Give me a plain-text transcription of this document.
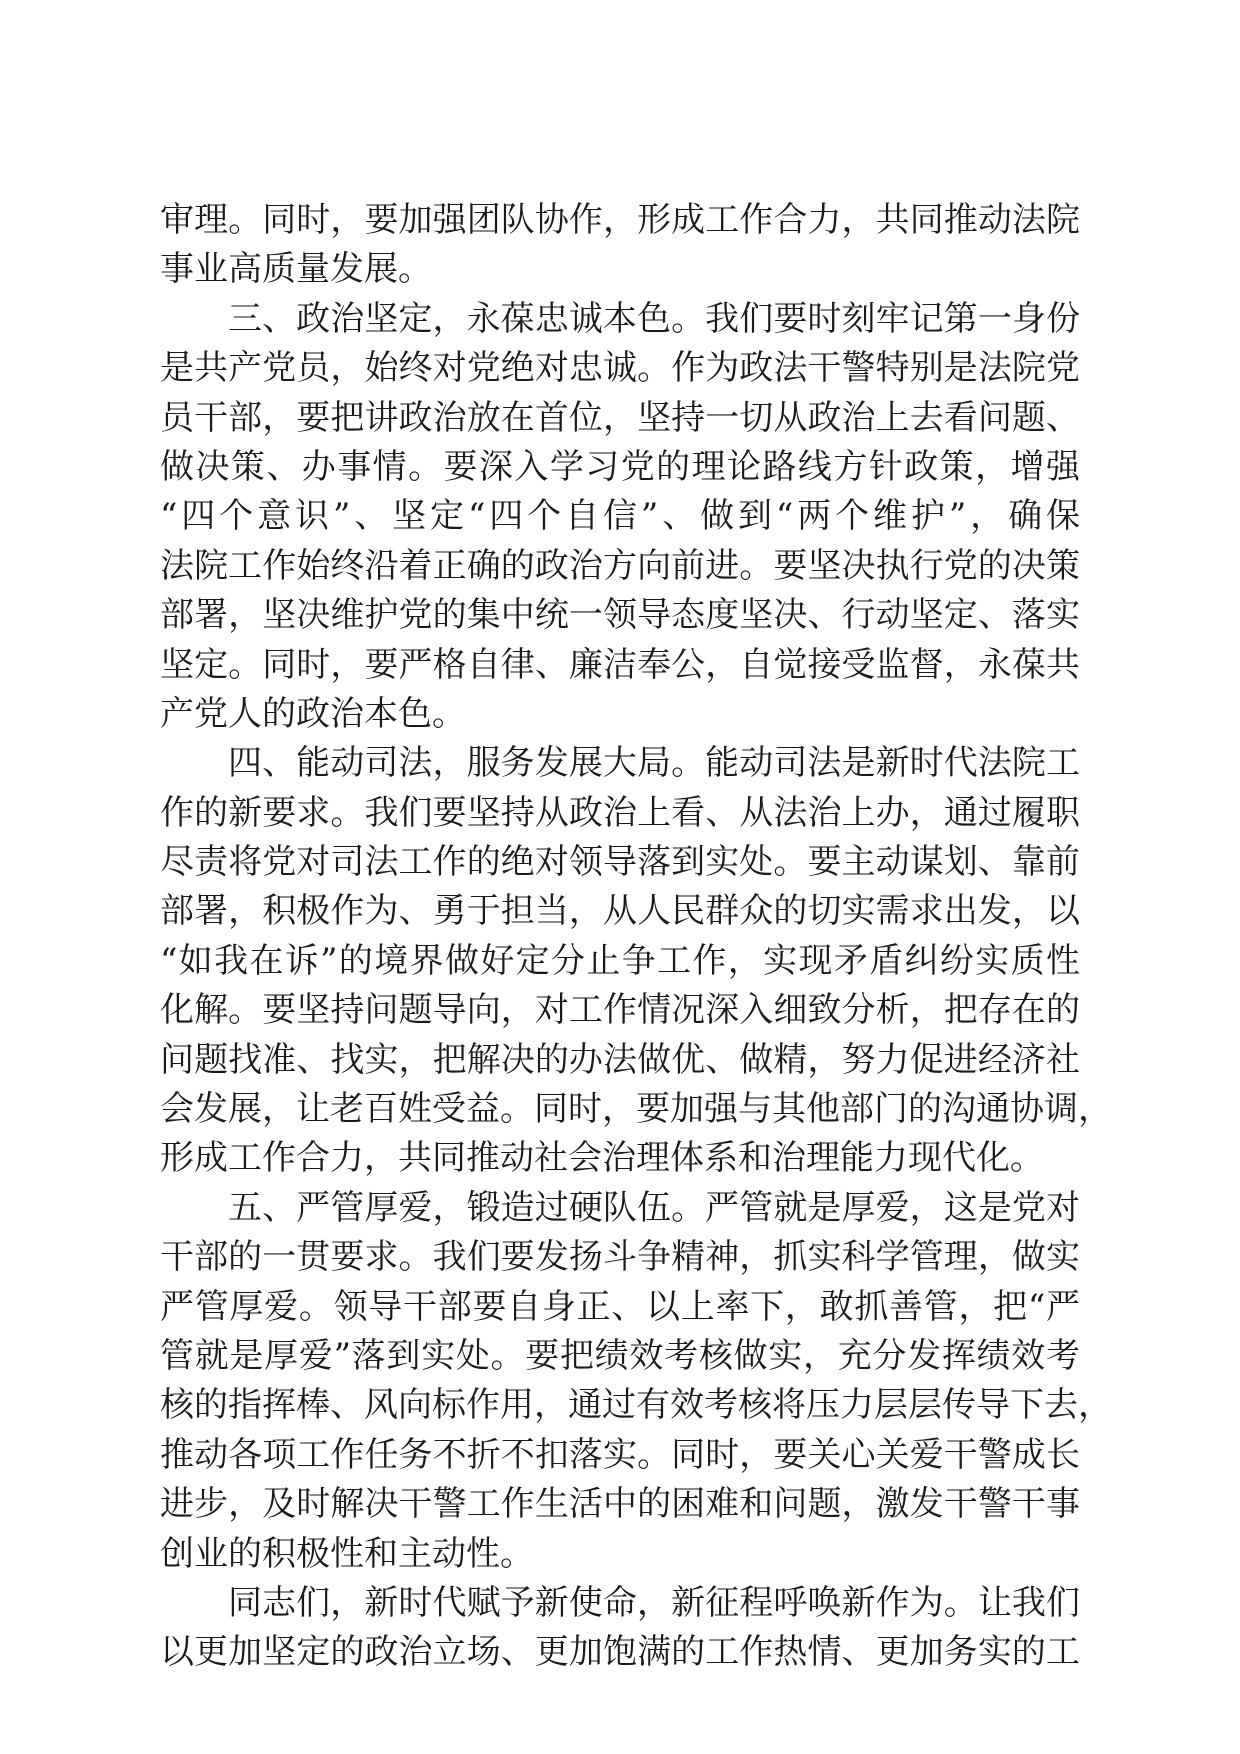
审理。同时，要加强团队协作，形成工作合力，共同推动法院
事业高质量发展。
三、政治坚定，永葆忠诚本色。我们要时刻牢记第一身份
是共产党员，始终对党绝对忠诚。作为政法干警特别是法院党
员干部，要把讲政治放在首位，坚持一切从政治上去看问题、
做决策、办事情。要深入学习党的理论路线方针政策，增强
“四个意识”、坚定“四个自信”、做到“两个维护”，确保
法院工作始终沿着正确的政治方向前进。要坚决执行党的决策
部署，坚决维护党的集中统一领导态度坚决、行动坚定、落实
坚定。同时，要严格自律、廉洁奉公，自觉接受监督，永葆共
产党人的政治本色。
四、能动司法，服务发展大局。能动司法是新时代法院工
作的新要求。我们要坚持从政治上看、从法治上办，通过履职
尽责将党对司法工作的绝对领导落到实处。要主动谋划、靠前
部署，积极作为、勇于担当，从人民群众的切实需求出发，以
“如我在诉”的境界做好定分止争工作，实现矛盾纠纷实质性
化解。要坚持问题导向，对工作情况深入细致分析，把存在的
问题找准、找实，把解决的办法做优、做精，努力促进经济社
会发展，让老百姓受益。同时，要加强与其他部门的沟通协调，
形成工作合力，共同推动社会治理体系和治理能力现代化。
五、严管厚爱，锻造过硬队伍。严管就是厚爱，这是党对
干部的一贯要求。我们要发扬斗争精神，抓实科学管理，做实
严管厚爱。领导干部要自身正、以上率下，敢抓善管，把“严
管就是厚爱”落到实处。要把绩效考核做实，充分发挥绩效考
核的指挥棒、风向标作用，通过有效考核将压力层层传导下去，
推动各项工作任务不折不扣落实。同时，要关心关爱干警成长
进步，及时解决干警工作生活中的困难和问题，激发干警干事
创业的积极性和主动性。
同志们，新时代赋予新使命，新征程呼唤新作为。让我们
以更加坚定的政治立场、更加饱满的工作热情、更加务实的工
